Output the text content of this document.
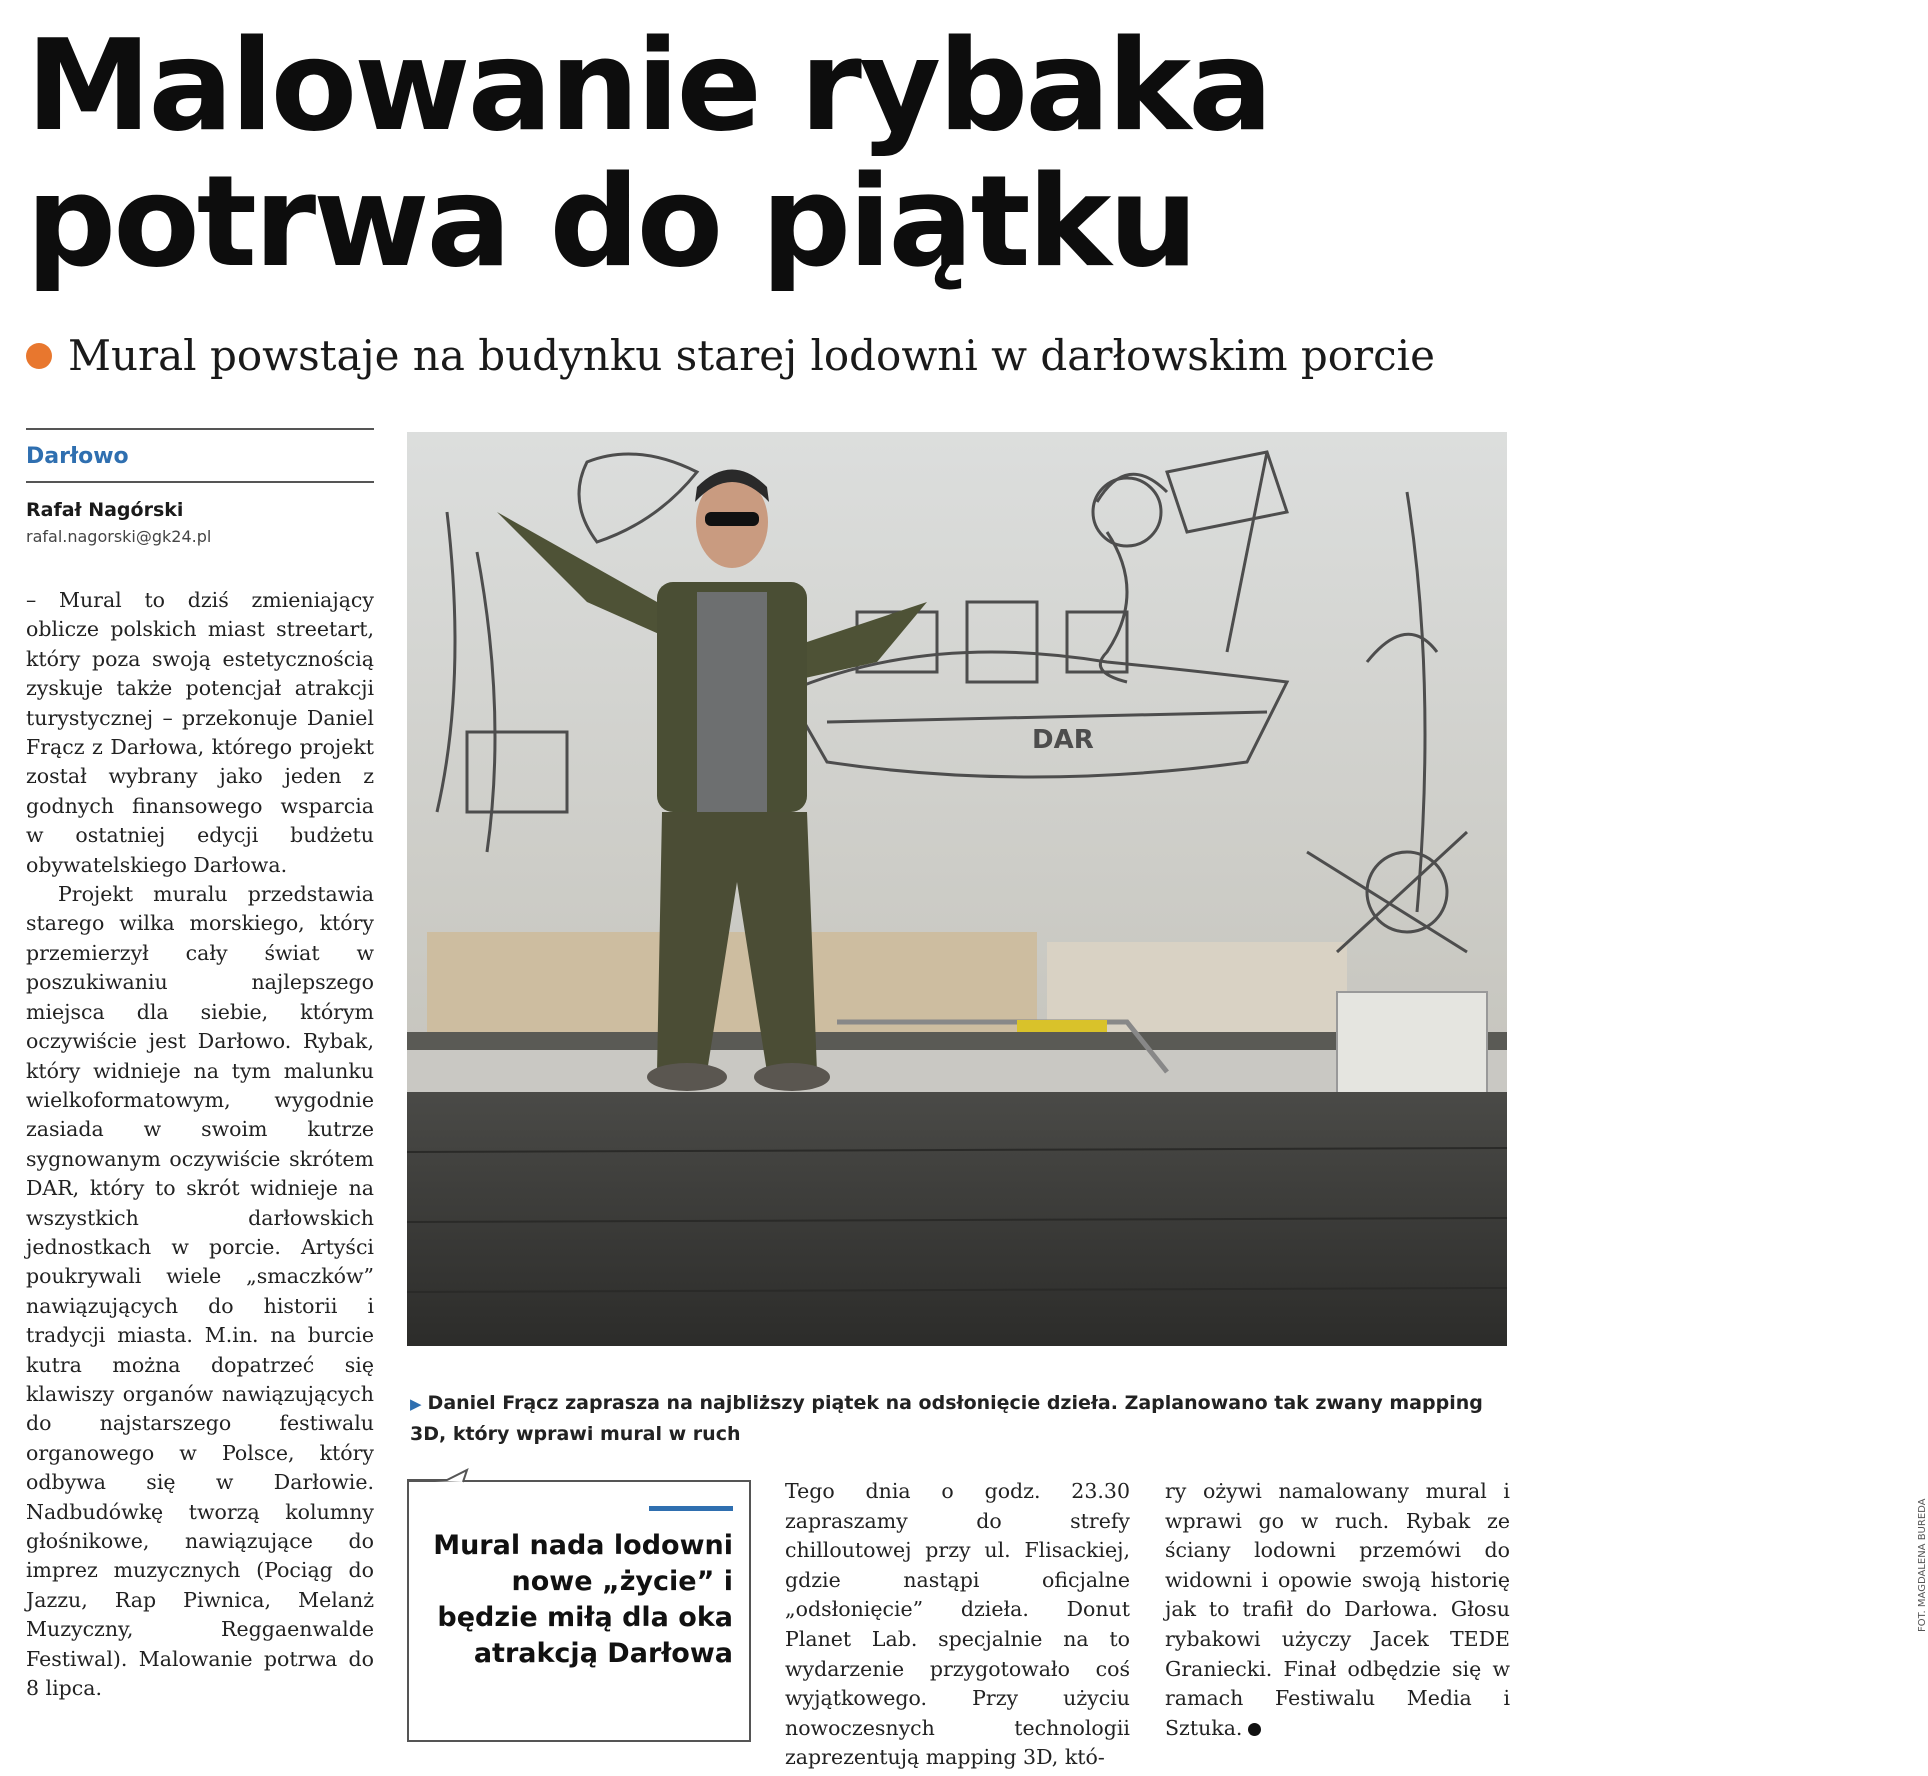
Malowanie rybaka
potrwa do piątku
Mural powstaje na budynku starej lodowni w darłowskim porcie
Darłowo
Rafał Nagórski
rafal.nagorski@gk24.pl

– Mural to dziś zmieniający oblicze polskich miast streetart, który poza swoją estetycznością zyskuje także potencjał atrakcji turystycznej – przekonuje Daniel Frącz z Darłowa, którego projekt został wybrany jako jeden z godnych finansowego wsparcia w ostatniej edycji budżetu obywatelskiego Darłowa.

Projekt muralu przedstawia starego wilka morskiego, który przemierzył cały świat w poszukiwaniu najlepszego miejsca dla siebie, którym oczywiście jest Darłowo. Rybak, który widnieje na tym malunku wielkoformatowym, wygodnie zasiada w swoim kutrze sygnowanym oczywiście skrótem DAR, który to skrót widnieje na wszystkich darłowskich jednostkach w porcie. Artyści poukrywali wiele „smaczków” nawiązujących do historii i tradycji miasta. M.in. na burcie kutra można dopatrzeć się klawiszy organów nawiązujących do najstarszego festiwalu organowego w Polsce, który odbywa się w Darłowie. Nadbudówkę tworzą kolumny głośnikowe, nawiązujące do imprez muzycznych (Pociąg do Jazzu, Rap Piwnica, Melanż Muzyczny, Reggaenwalde Festiwal). Malowanie potrwa do 8 lipca.

DAR
FOT. MAGDALENA BUREDA
▶ Daniel Frącz zaprasza na najbliższy piątek na odsłonięcie dzieła. Zaplanowano tak zwany mapping 3D, który wprawi mural w ruch
Mural nada lodowni nowe „życie” i będzie miłą dla oka atrakcją Darłowa
Tego dnia o godz. 23.30 zapraszamy do strefy chilloutowej przy ul. Flisackiej, gdzie nastąpi oficjalne „odsłonięcie” dzieła. Donut Planet Lab. specjalnie na to wydarzenie przygotowało coś wyjątkowego. Przy użyciu nowoczesnych technologii zaprezentują mapping 3D, któ-
ry ożywi namalowany mural i wprawi go w ruch. Rybak ze ściany lodowni przemówi do widowni i opowie swoją historię jak to trafił do Darłowa. Głosu rybakowi użyczy Jacek TEDE Graniecki. Finał odbędzie się w ramach Festiwalu Media i Sztuka.
